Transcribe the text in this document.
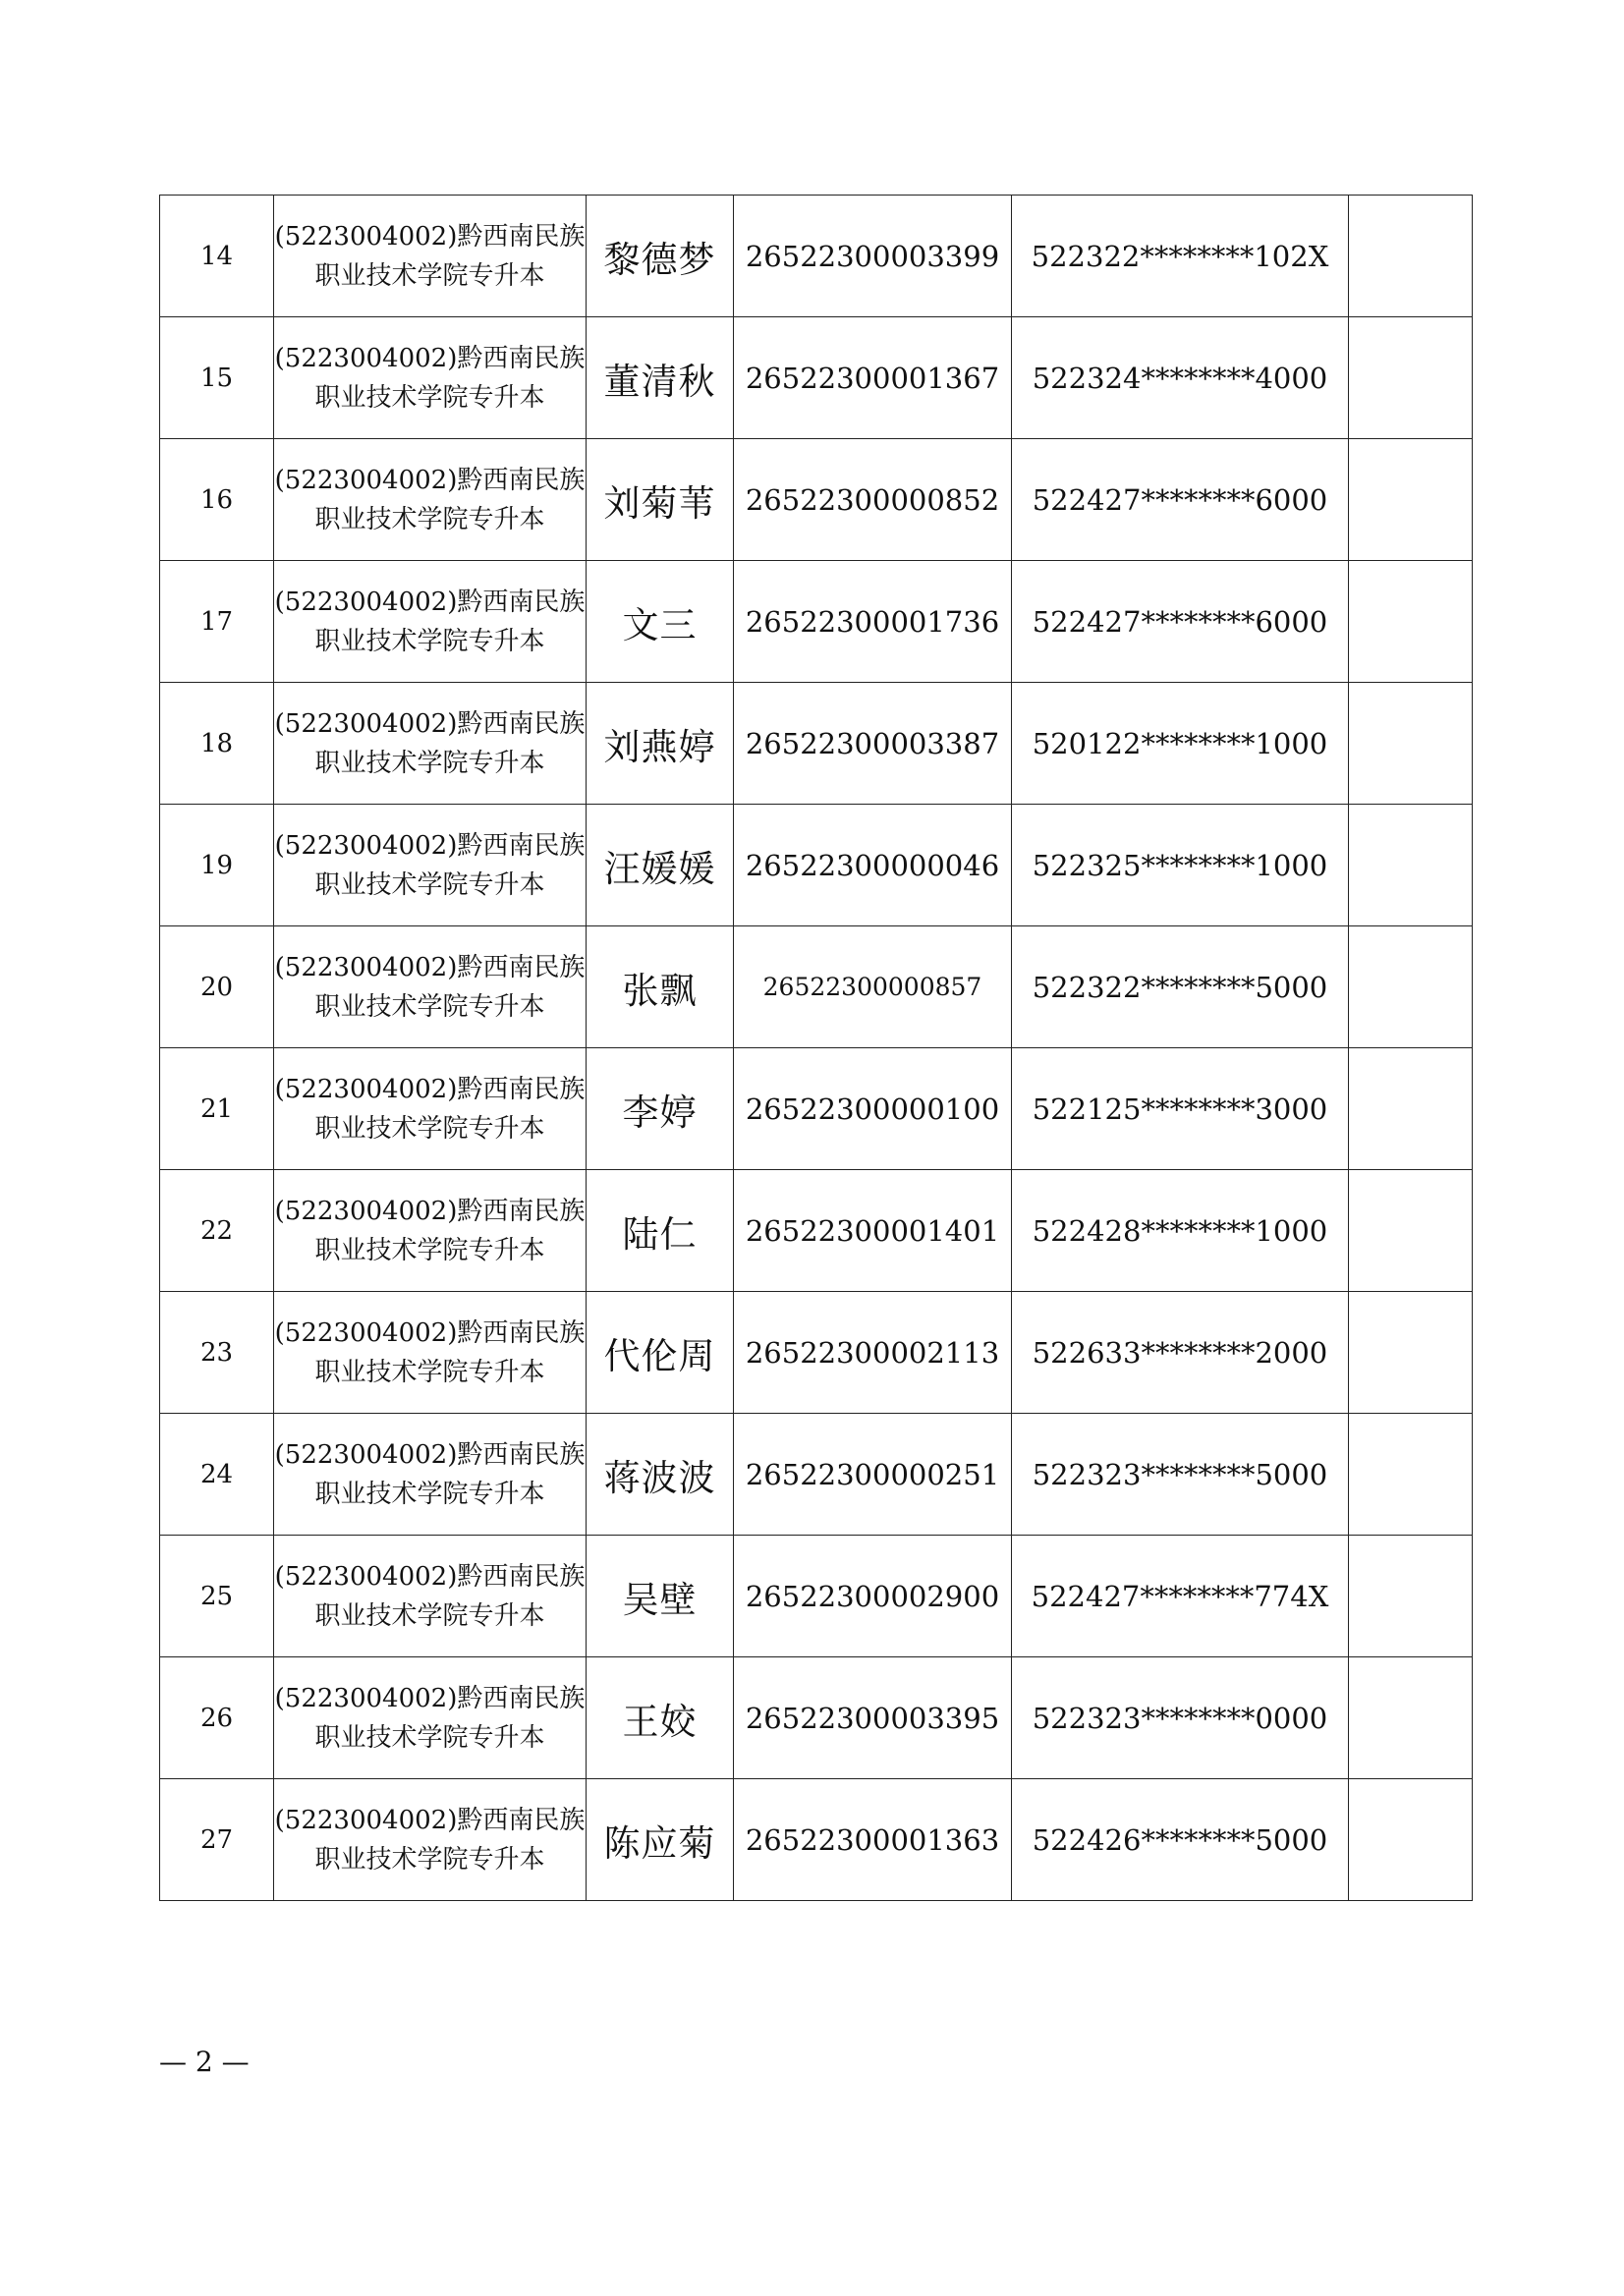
14	(5223004002)黔西南民族
职业技术学院专升本	黎德梦	26522300003399	522322********102X	
15	(5223004002)黔西南民族
职业技术学院专升本	董清秋	26522300001367	522324********4000	
16	(5223004002)黔西南民族
职业技术学院专升本	刘菊苇	26522300000852	522427********6000	
17	(5223004002)黔西南民族
职业技术学院专升本	文三	26522300001736	522427********6000	
18	(5223004002)黔西南民族
职业技术学院专升本	刘燕婷	26522300003387	520122********1000	
19	(5223004002)黔西南民族
职业技术学院专升本	汪媛媛	26522300000046	522325********1000	
20	(5223004002)黔西南民族
职业技术学院专升本	张飘	26522300000857	522322********5000	
21	(5223004002)黔西南民族
职业技术学院专升本	李婷	26522300000100	522125********3000	
22	(5223004002)黔西南民族
职业技术学院专升本	陆仁	26522300001401	522428********1000	
23	(5223004002)黔西南民族
职业技术学院专升本	代伦周	26522300002113	522633********2000	
24	(5223004002)黔西南民族
职业技术学院专升本	蒋波波	26522300000251	522323********5000	
25	(5223004002)黔西南民族
职业技术学院专升本	吴壁	26522300002900	522427********774X	
26	(5223004002)黔西南民族
职业技术学院专升本	王姣	26522300003395	522323********0000	
27	(5223004002)黔西南民族
职业技术学院专升本	陈应菊	26522300001363	522426********5000	
— 2 —
